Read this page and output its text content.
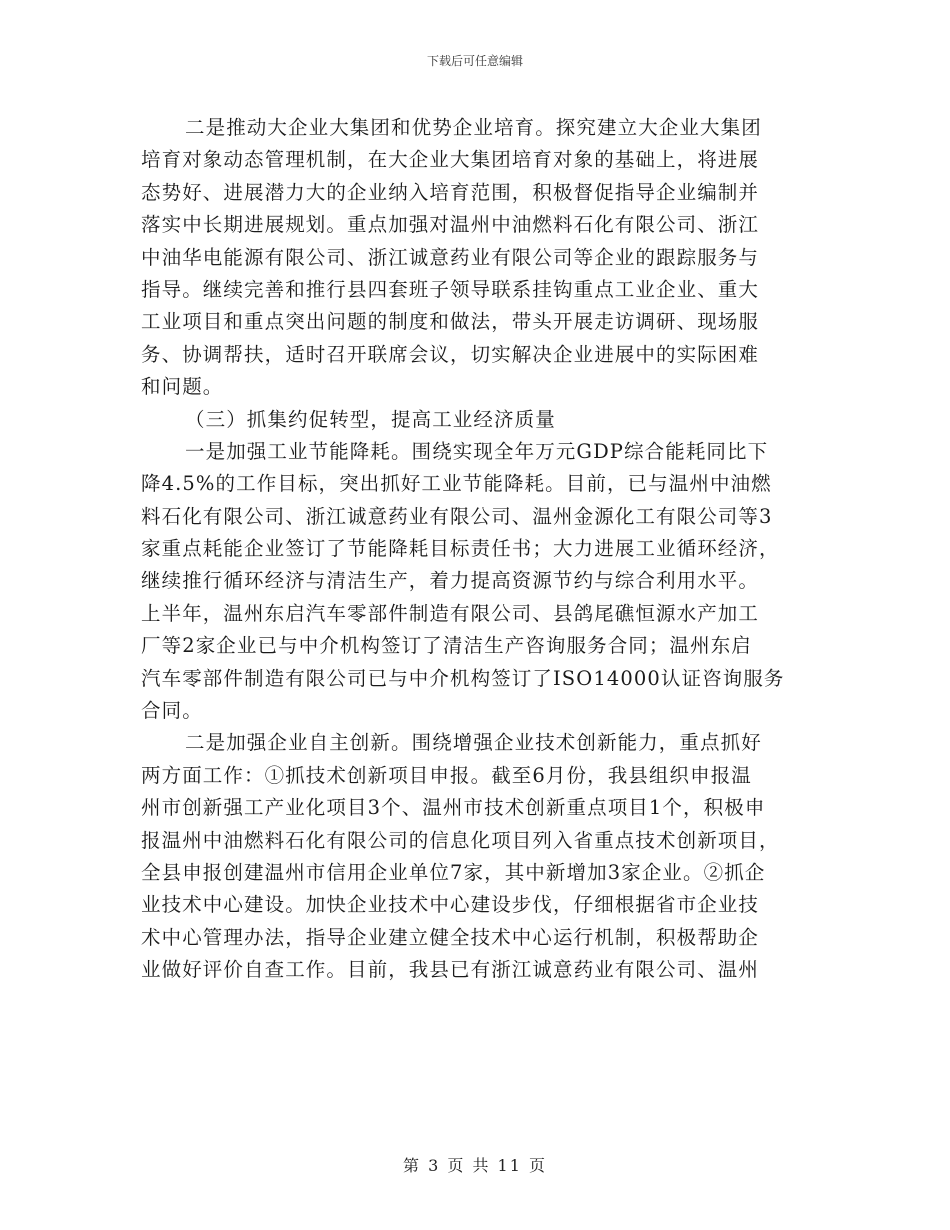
下载后可任意编辑
二是推动大企业大集团和优势企业培育。探究建立大企业大集团
培育对象动态管理机制，在大企业大集团培育对象的基础上，将进展
态势好、进展潜力大的企业纳入培育范围，积极督促指导企业编制并
落实中长期进展规划。重点加强对温州中油燃料石化有限公司、浙江
中油华电能源有限公司、浙江诚意药业有限公司等企业的跟踪服务与
指导。继续完善和推行县四套班子领导联系挂钩重点工业企业、重大
工业项目和重点突出问题的制度和做法，带头开展走访调研、现场服
务、协调帮扶，适时召开联席会议，切实解决企业进展中的实际困难
和问题。
（三）抓集约促转型，提高工业经济质量
一是加强工业节能降耗。围绕实现全年万元GDP综合能耗同比下
降4.5%的工作目标，突出抓好工业节能降耗。目前，已与温州中油燃
料石化有限公司、浙江诚意药业有限公司、温州金源化工有限公司等3
家重点耗能企业签订了节能降耗目标责任书；大力进展工业循环经济，
继续推行循环经济与清洁生产，着力提高资源节约与综合利用水平。
上半年，温州东启汽车零部件制造有限公司、县鸽尾礁恒源水产加工
厂等2家企业已与中介机构签订了清洁生产咨询服务合同；温州东启
汽车零部件制造有限公司已与中介机构签订了ISO14000认证咨询服务
合同。
二是加强企业自主创新。围绕增强企业技术创新能力，重点抓好
两方面工作：①抓技术创新项目申报。截至6月份，我县组织申报温
州市创新强工产业化项目3个、温州市技术创新重点项目1个，积极申
报温州中油燃料石化有限公司的信息化项目列入省重点技术创新项目，
全县申报创建温州市信用企业单位7家，其中新增加3家企业。②抓企
业技术中心建设。加快企业技术中心建设步伐，仔细根据省市企业技
术中心管理办法，指导企业建立健全技术中心运行机制，积极帮助企
业做好评价自查工作。目前，我县已有浙江诚意药业有限公司、温州
第 3 页 共 11 页
